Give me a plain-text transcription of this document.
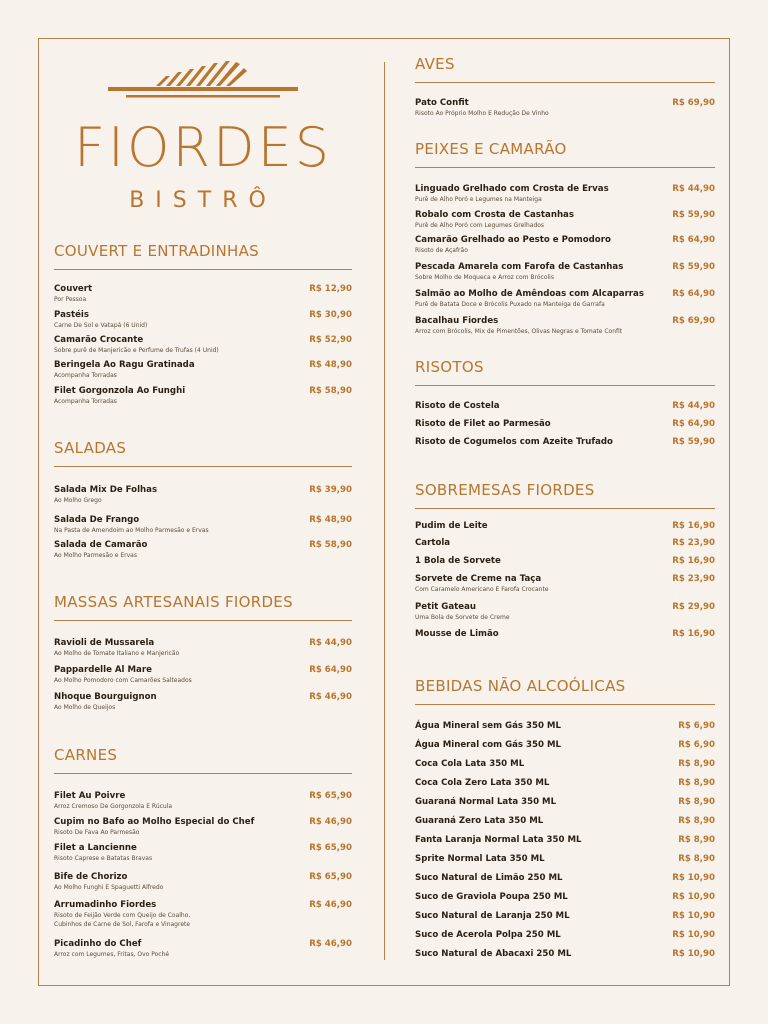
FIORDES
BISTRÔ
COUVERT E ENTRADINHAS
Couvert
Por Pessoa
R$ 12,90
Pastéis
Carne De Sol e Vatapá (6 Unid)
R$ 30,90
Camarão Crocante
Sobre purê de Manjericão e Perfume de Trufas (4 Unid)
R$ 52,90
Beringela Ao Ragu Gratinada
Acompanha Torradas
R$ 48,90
Filet Gorgonzola Ao Funghi
Acompanha Torradas
R$ 58,90
SALADAS
Salada Mix De Folhas
Ao Molho Grego
R$ 39,90
Salada De Frango
Na Pasta de Amendoim ao Molho Parmesão e Ervas
R$ 48,90
Salada de Camarão
Ao Molho Parmesão e Ervas
R$ 58,90
MASSAS ARTESANAIS FIORDES
Ravioli de Mussarela
Ao Molho de Tomate Italiano e Manjericão
R$ 44,90
Pappardelle Al Mare
Ao Molho Pomodoro com Camarões Salteados
R$ 64,90
Nhoque Bourguignon
Ao Molho de Queijos
R$ 46,90
CARNES
Filet Au Poivre
Arroz Cremoso De Gorgonzola E Rúcula
R$ 65,90
Cupim no Bafo ao Molho Especial do Chef
Risoto De Fava Ao Parmesão
R$ 46,90
Filet a Lancienne
Risoto Caprese e Batatas Bravas
R$ 65,90
Bife de Chorizo
Ao Molho Funghi E Spaguetti Alfredo
R$ 65,90
Arrumadinho Fiordes
Risoto de Feijão Verde com Queijo de Coalho,
Cubinhos de Carne de Sol, Farofa e Vinagrete
R$ 46,90
Picadinho do Chef
Arroz com Legumes, Fritas, Ovo Poché
R$ 46,90
AVES
Pato Confit
Risoto Ao Próprio Molho E Redução De Vinho
R$ 69,90
PEIXES E CAMARÃO
Linguado Grelhado com Crosta de Ervas
Purê de Alho Poró e Legumes na Manteiga
R$ 44,90
Robalo com Crosta de Castanhas
Purê de Alho Poró com Legumes Grelhados
R$ 59,90
Camarão Grelhado ao Pesto e Pomodoro
Risoto de Açafrão
R$ 64,90
Pescada Amarela com Farofa de Castanhas
Sobre Molho de Moqueca e Arroz com Brócolis
R$ 59,90
Salmão ao Molho de Amêndoas com Alcaparras
Purê de Batata Doce e Brócolis Puxado na Manteiga de Garrafa
R$ 64,90
Bacalhau Fiordes
Arroz com Brócolis, Mix de Pimentões, Olivas Negras e Tomate Confit
R$ 69,90
RISOTOS
Risoto de Costela	R$ 44,90
Risoto de Filet ao Parmesão	R$ 64,90
Risoto de Cogumelos com Azeite Trufado	R$ 59,90
SOBREMESAS FIORDES
Pudim de Leite	R$ 16,90
Cartola	R$ 23,90
1 Bola de Sorvete	R$ 16,90
Sorvete de Creme na Taça
Com Caramelo Americano E Farofa Crocante
R$ 23,90
Petit Gateau
Uma Bola de Sorvete de Creme
R$ 29,90
Mousse de Limão	R$ 16,90
BEBIDAS NÃO ALCOÓLICAS
Água Mineral sem Gás 350 ML	R$ 6,90
Água Mineral com Gás 350 ML	R$ 6,90
Coca Cola Lata 350 ML	R$ 8,90
Coca Cola Zero Lata 350 ML	R$ 8,90
Guaraná Normal Lata 350 ML	R$ 8,90
Guaraná Zero Lata 350 ML	R$ 8,90
Fanta Laranja Normal Lata 350 ML	R$ 8,90
Sprite Normal Lata 350 ML	R$ 8,90
Suco Natural de Limão 250 ML	R$ 10,90
Suco de Graviola Poupa 250 ML	R$ 10,90
Suco Natural de Laranja 250 ML	R$ 10,90
Suco de Acerola Polpa 250 ML	R$ 10,90
Suco Natural de Abacaxi 250 ML	R$ 10,90
